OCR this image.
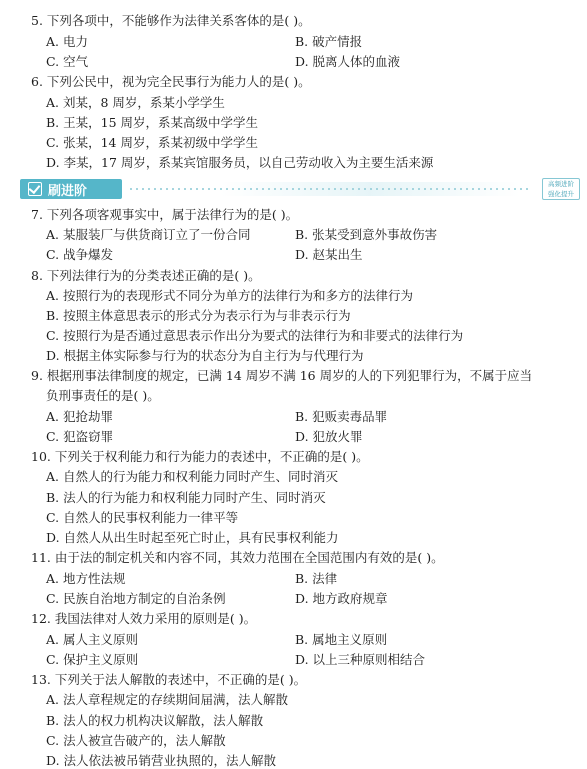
5. 下列各项中，不能够作为法律关系客体的是( )。
A. 电力	B. 破产情报
C. 空气	D. 脱离人体的血液
6. 下列公民中，视为完全民事行为能力人的是( )。
A. 刘某，8 周岁，系某小学学生
B. 王某，15 周岁，系某高级中学学生
C. 张某，14 周岁，系某初级中学学生
D. 李某，17 周岁，系某宾馆服务员，以自己劳动收入为主要生活来源
刷进阶	高频进阶
强化提升
7. 下列各项客观事实中，属于法律行为的是( )。
A. 某服装厂与供货商订立了一份合同	B. 张某受到意外事故伤害
C. 战争爆发	D. 赵某出生
8. 下列法律行为的分类表述正确的是( )。
A. 按照行为的表现形式不同分为单方的法律行为和多方的法律行为
B. 按照主体意思表示的形式分为表示行为与非表示行为
C. 按照行为是否通过意思表示作出分为要式的法律行为和非要式的法律行为
D. 根据主体实际参与行为的状态分为自主行为与代理行为
9. 根据刑事法律制度的规定，已满 14 周岁不满 16 周岁的人的下列犯罪行为，不属于应当
负刑事责任的是( )。
A. 犯抢劫罪	B. 犯贩卖毒品罪
C. 犯盗窃罪	D. 犯放火罪
10. 下列关于权利能力和行为能力的表述中，不正确的是( )。
A. 自然人的行为能力和权利能力同时产生、同时消灭
B. 法人的行为能力和权利能力同时产生、同时消灭
C. 自然人的民事权利能力一律平等
D. 自然人从出生时起至死亡时止，具有民事权利能力
11. 由于法的制定机关和内容不同，其效力范围在全国范围内有效的是( )。
A. 地方性法规	B. 法律
C. 民族自治地方制定的自治条例	D. 地方政府规章
12. 我国法律对人效力采用的原则是( )。
A. 属人主义原则	B. 属地主义原则
C. 保护主义原则	D. 以上三种原则相结合
13. 下列关于法人解散的表述中，不正确的是( )。
A. 法人章程规定的存续期间届满，法人解散
B. 法人的权力机构决议解散，法人解散
C. 法人被宣告破产的，法人解散
D. 法人依法被吊销营业执照的，法人解散
